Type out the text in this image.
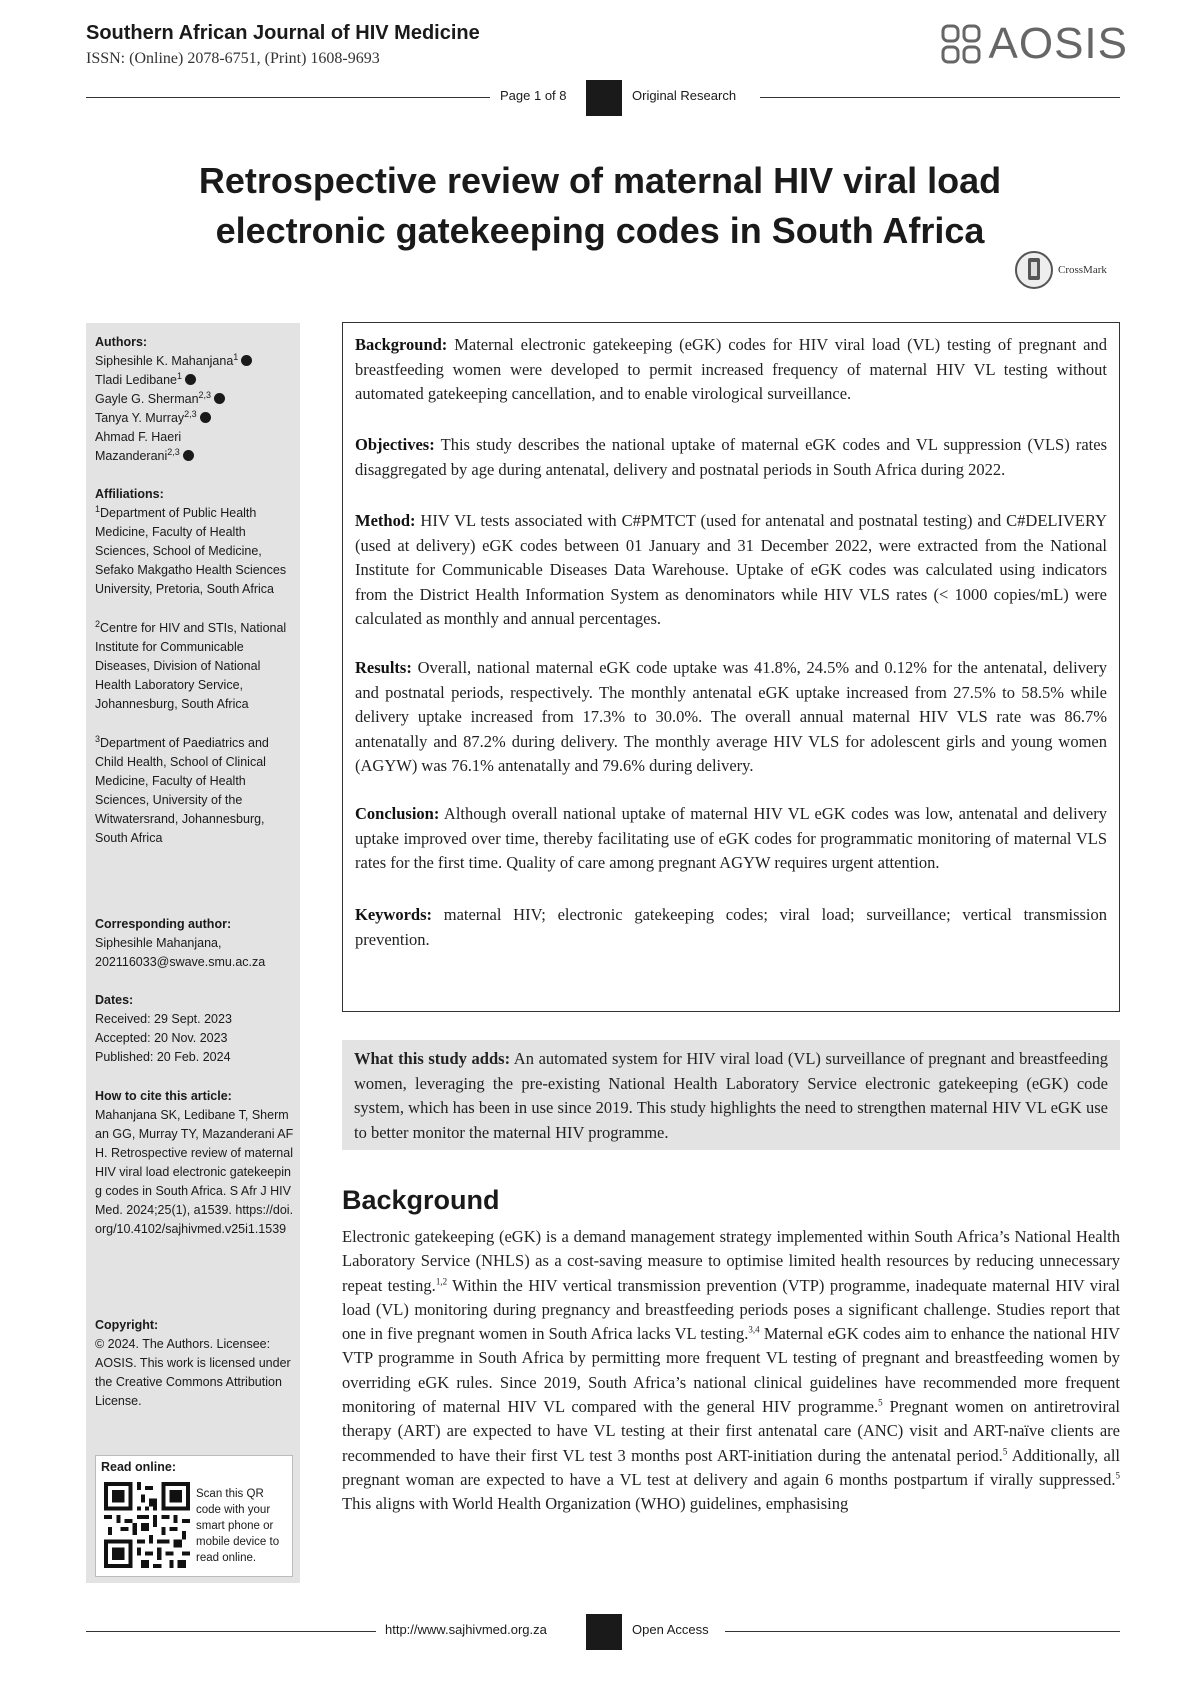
Southern African Journal of HIV Medicine
ISSN: (Online) 2078-6751, (Print) 1608-9693	AOSIS
Page 1 of 8	Original Research
Retrospective review of maternal HIV viral load electronic gatekeeping codes in South Africa
CrossMark
Authors:
Siphesihle K. Mahanjana$^1$
Tladi Ledibane$^1$
Gayle G. Sherman$^{2,3}$
Tanya Y. Murray$^{2,3}$
Ahmad F. Haeri
Mazanderani$^{2,3}$
Affiliations:
$^1$Department of Public Health Medicine, Faculty of Health Sciences, School of Medicine, Sefako Makgatho Health Sciences University, Pretoria, South Africa
$^2$Centre for HIV and STIs, National Institute for Communicable Diseases, Division of National Health Laboratory Service, Johannesburg, South Africa
$^3$Department of Paediatrics and Child Health, School of Clinical Medicine, Faculty of Health Sciences, University of the Witwatersrand, Johannesburg, South Africa
Corresponding author:
Siphesihle Mahanjana,
202116033@swave.smu.ac.za
Dates:
Received: 29 Sept. 2023
Accepted: 20 Nov. 2023
Published: 20 Feb. 2024
How to cite this article:
Mahanjana SK, Ledibane T, Sherman GG, Murray TY, Mazanderani AFH. Retrospective review of maternal HIV viral load electronic gatekeeping codes in South Africa. S Afr J HIV Med. 2024;25(1), a1539. https://doi.org/10.4102/sajhivmed.v25i1.1539
Copyright:
© 2024. The Authors. Licensee: AOSIS. This work is licensed under the Creative Commons Attribution License.
Read online:
Scan this QR code with your smart phone or mobile device to read online.
Background: Maternal electronic gatekeeping (eGK) codes for HIV viral load (VL) testing of pregnant and breastfeeding women were developed to permit increased frequency of maternal HIV VL testing without automated gatekeeping cancellation, and to enable virological surveillance.
Objectives: This study describes the national uptake of maternal eGK codes and VL suppression (VLS) rates disaggregated by age during antenatal, delivery and postnatal periods in South Africa during 2022.
Method: HIV VL tests associated with C#PMTCT (used for antenatal and postnatal testing) and C#DELIVERY (used at delivery) eGK codes between 01 January and 31 December 2022, were extracted from the National Institute for Communicable Diseases Data Warehouse. Uptake of eGK codes was calculated using indicators from the District Health Information System as denominators while HIV VLS rates (< 1000 copies/mL) were calculated as monthly and annual percentages.
Results: Overall, national maternal eGK code uptake was 41.8%, 24.5% and 0.12% for the antenatal, delivery and postnatal periods, respectively. The monthly antenatal eGK uptake increased from 27.5% to 58.5% while delivery uptake increased from 17.3% to 30.0%. The overall annual maternal HIV VLS rate was 86.7% antenatally and 87.2% during delivery. The monthly average HIV VLS for adolescent girls and young women (AGYW) was 76.1% antenatally and 79.6% during delivery.
Conclusion: Although overall national uptake of maternal HIV VL eGK codes was low, antenatal and delivery uptake improved over time, thereby facilitating use of eGK codes for programmatic monitoring of maternal VLS rates for the first time. Quality of care among pregnant AGYW requires urgent attention.
Keywords: maternal HIV; electronic gatekeeping codes; viral load; surveillance; vertical transmission prevention.
What this study adds: An automated system for HIV viral load (VL) surveillance of pregnant and breastfeeding women, leveraging the pre-existing National Health Laboratory Service electronic gatekeeping (eGK) code system, which has been in use since 2019. This study highlights the need to strengthen maternal HIV VL eGK use to better monitor the maternal HIV programme.
Background
Electronic gatekeeping (eGK) is a demand management strategy implemented within South Africa’s National Health Laboratory Service (NHLS) as a cost-saving measure to optimise limited health resources by reducing unnecessary repeat testing.$^{1,2}$ Within the HIV vertical transmission prevention (VTP) programme, inadequate maternal HIV viral load (VL) monitoring during pregnancy and breastfeeding periods poses a significant challenge. Studies report that one in five pregnant women in South Africa lacks VL testing.$^{3,4}$ Maternal eGK codes aim to enhance the national HIV VTP programme in South Africa by permitting more frequent VL testing of pregnant and breastfeeding women by overriding eGK rules. Since 2019, South Africa’s national clinical guidelines have recommended more frequent monitoring of maternal HIV VL compared with the general HIV programme.$^5$ Pregnant women on antiretroviral therapy (ART) are expected to have VL testing at their first antenatal care (ANC) visit and ART-naïve clients are recommended to have their first VL test 3 months post ART-initiation during the antenatal period.$^5$ Additionally, all pregnant woman are expected to have a VL test at delivery and again 6 months postpartum if virally suppressed.$^5$ This aligns with World Health Organization (WHO) guidelines, emphasising
http://www.sajhivmed.org.za	Open Access
